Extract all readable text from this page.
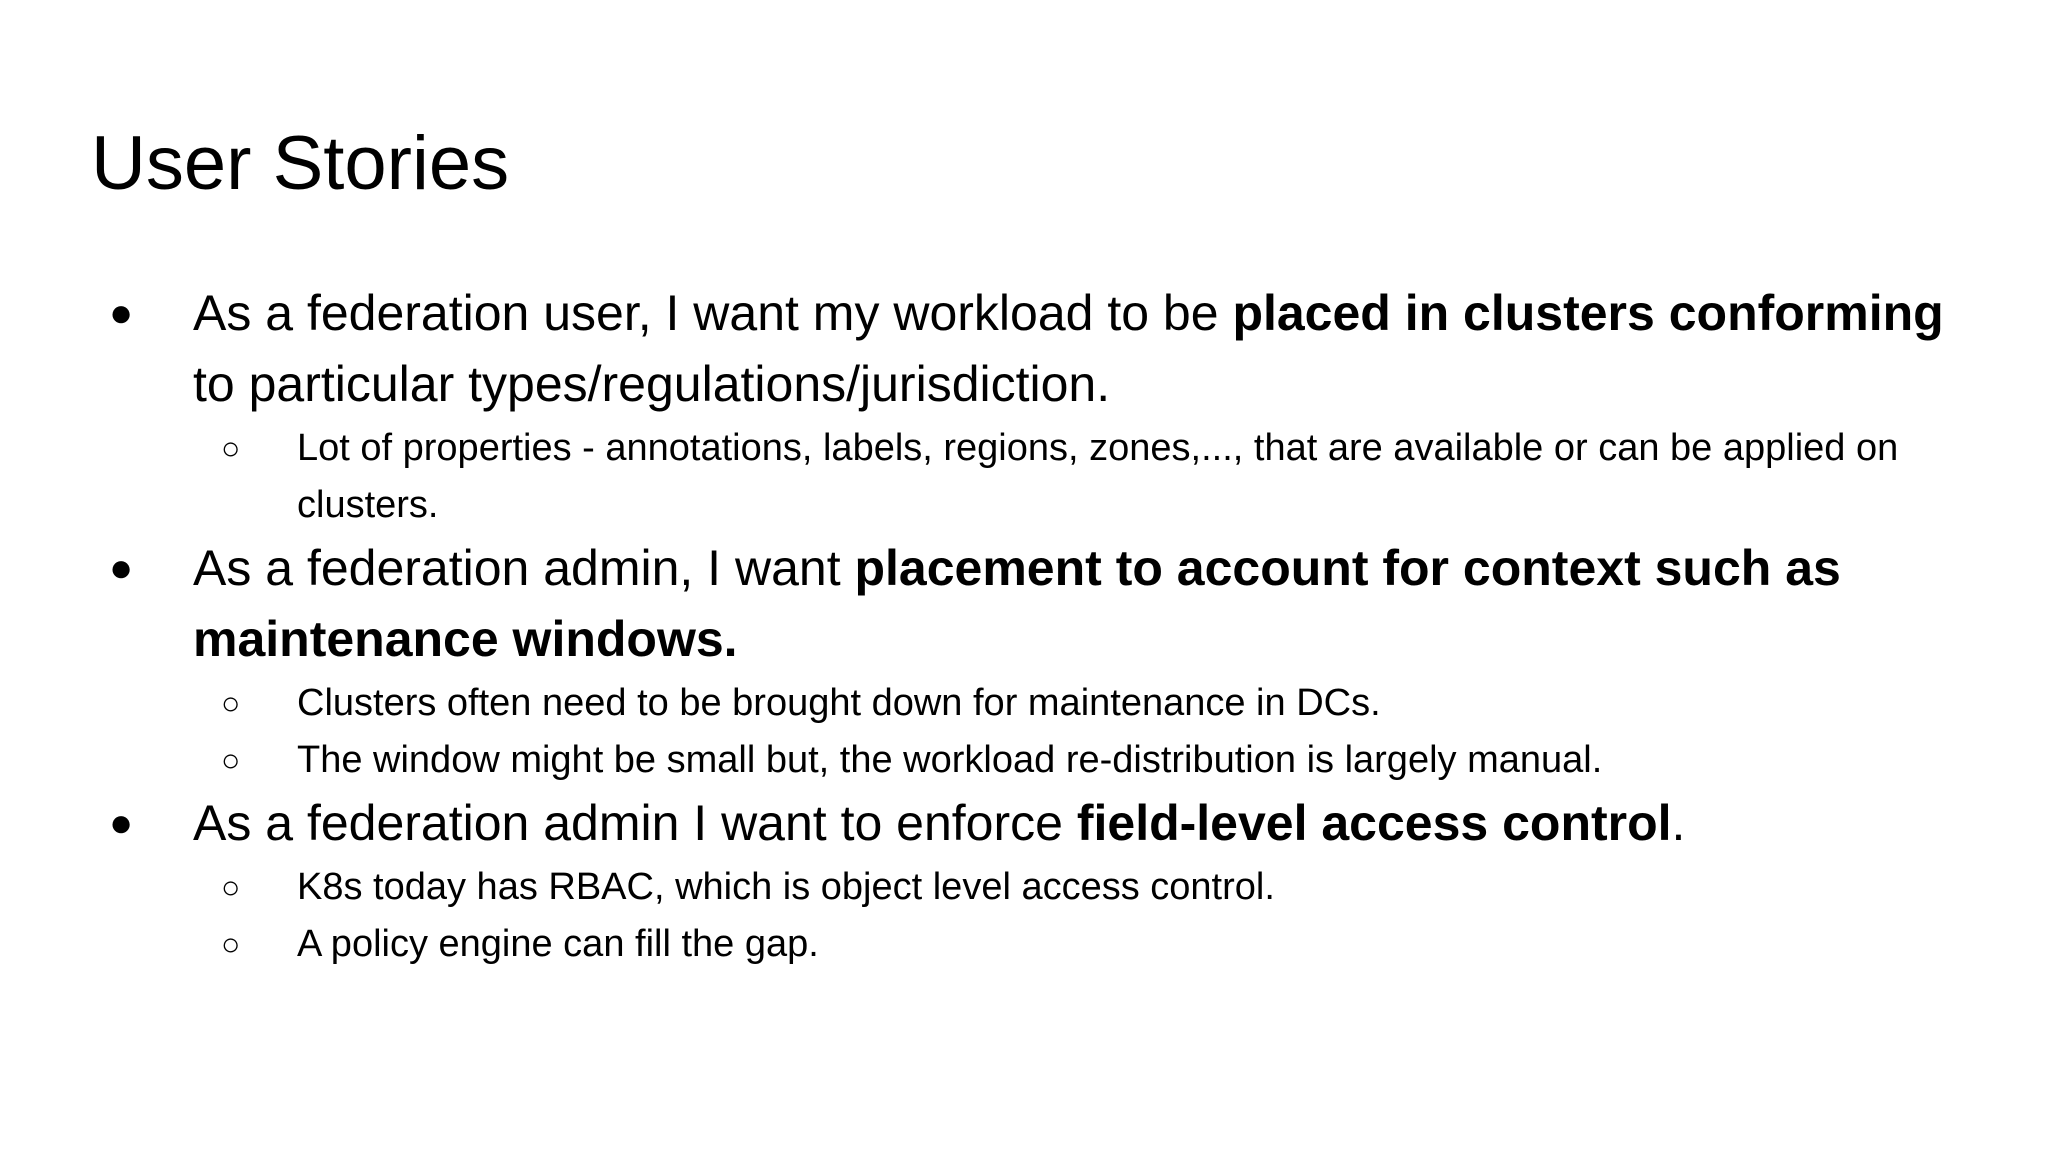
User Stories
● As a federation user, I want my workload to be placed in clusters conforming to particular types/regulations/jurisdiction.
○ Lot of properties - annotations, labels, regions, zones,..., that are available or can be applied on clusters.
● As a federation admin, I want placement to account for context such as maintenance windows.
○ Clusters often need to be brought down for maintenance in DCs.
○ The window might be small but, the workload re-distribution is largely manual.
● As a federation admin I want to enforce field-level access control.
○ K8s today has RBAC, which is object level access control.
○ A policy engine can fill the gap.
